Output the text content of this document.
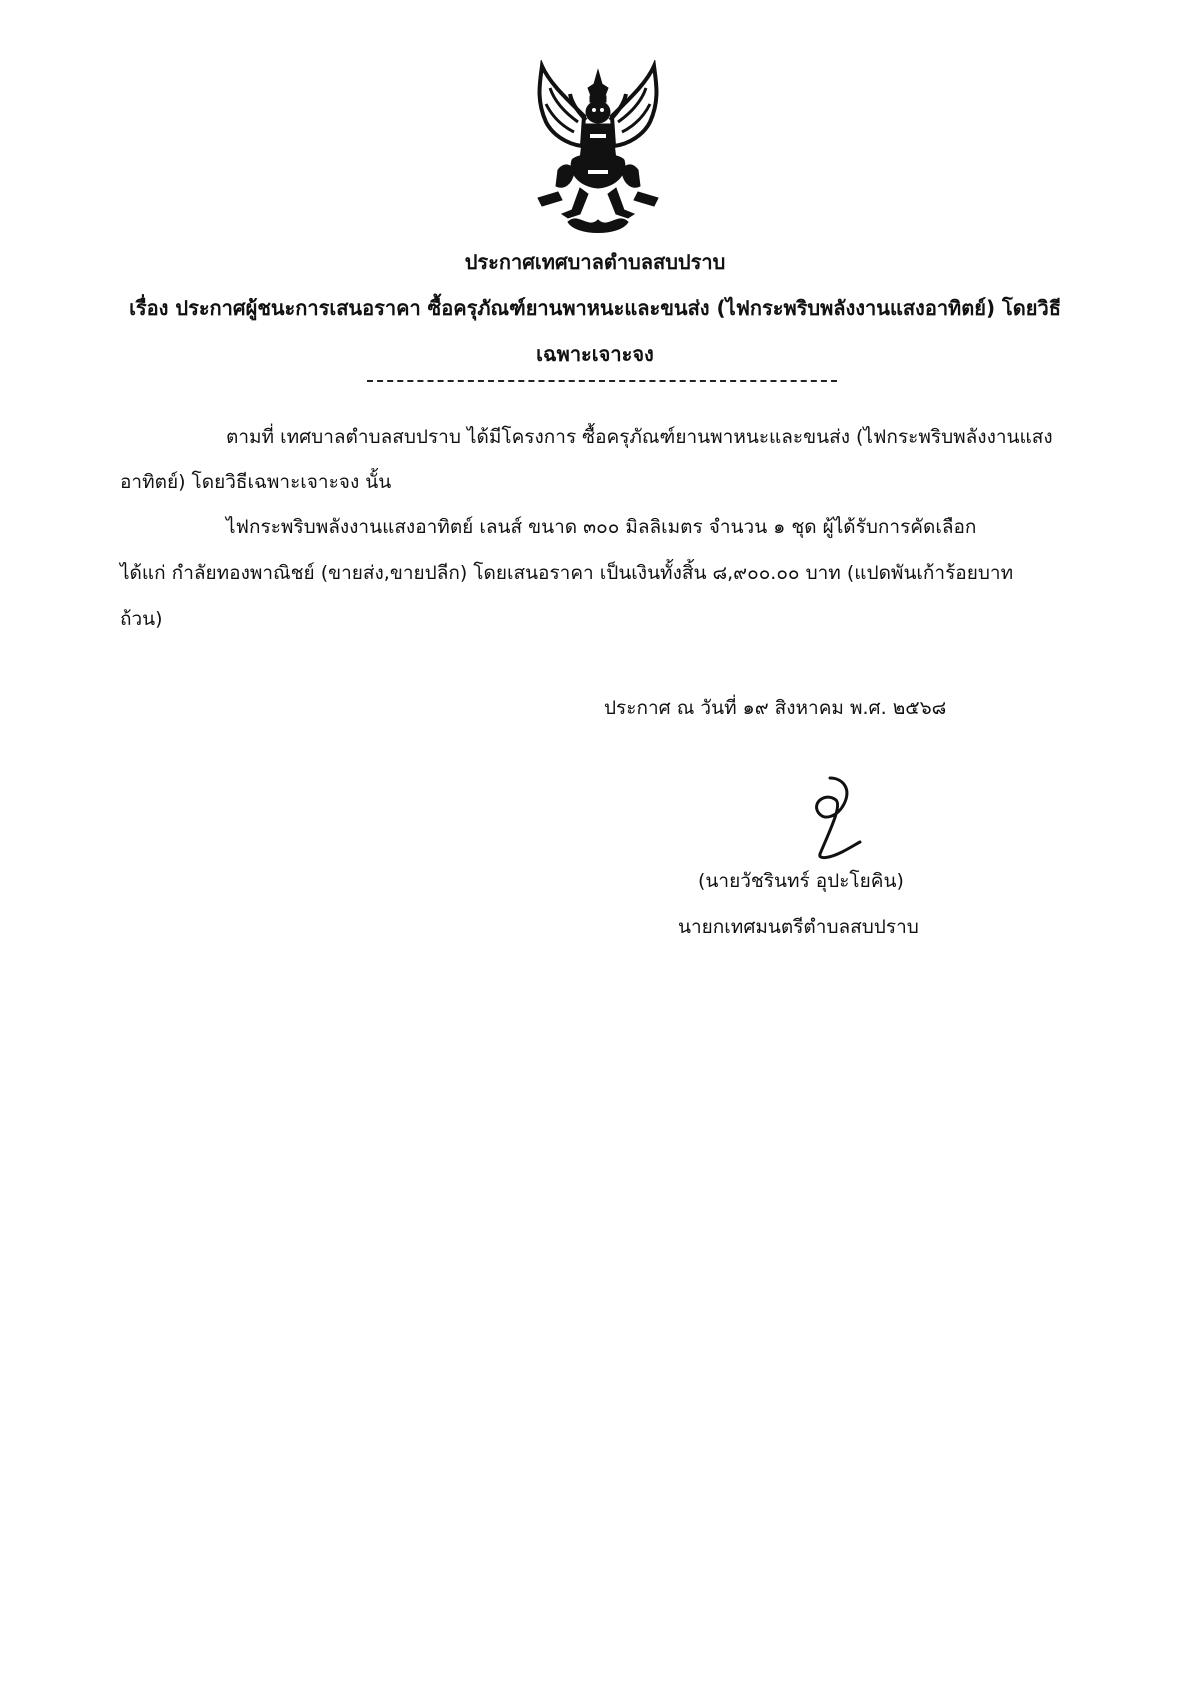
ประกาศเทศบาลตำบลสบปราบ
เรื่อง ประกาศผู้ชนะการเสนอราคา ซื้อครุภัณฑ์ยานพาหนะและขนส่ง (ไฟกระพริบพลังงานแสงอาทิตย์) โดยวิธี
เฉพาะเจาะจง
ตามที่ เทศบาลตำบลสบปราบ ได้มีโครงการ ซื้อครุภัณฑ์ยานพาหนะและขนส่ง (ไฟกระพริบพลังงานแสง
อาทิตย์) โดยวิธีเฉพาะเจาะจง นั้น
ไฟกระพริบพลังงานแสงอาทิตย์ เลนส์ ขนาด ๓๐๐ มิลลิเมตร จำนวน ๑ ชุด ผู้ได้รับการคัดเลือก
ได้แก่ กำลัยทองพาณิชย์ (ขายส่ง,ขายปลีก) โดยเสนอราคา เป็นเงินทั้งสิ้น ๘,๙๐๐.๐๐ บาท (แปดพันเก้าร้อยบาท
ถ้วน)
ประกาศ ณ วันที่ ๑๙ สิงหาคม พ.ศ. ๒๕๖๘
(นายวัชรินทร์ อุปะโยคิน)
นายกเทศมนตรีตำบลสบปราบ
